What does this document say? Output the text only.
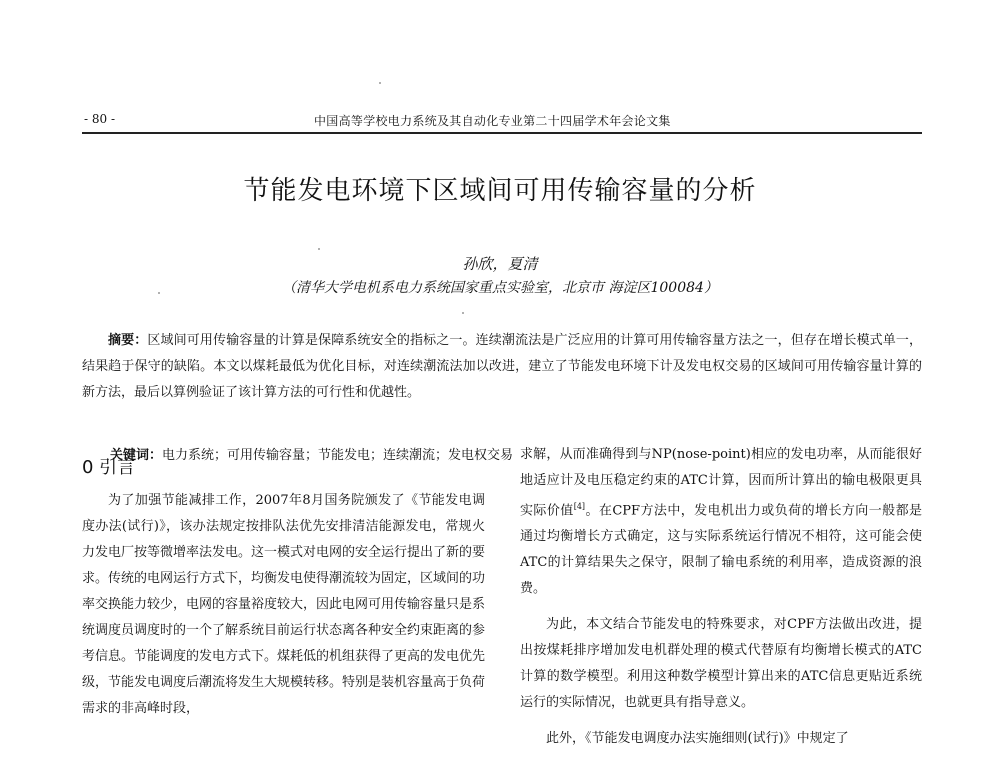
- 80 -	中国高等学校电力系统及其自动化专业第二十四届学术年会论文集
节能发电环境下区域间可用传输容量的分析
孙欣，夏清
（清华大学电机系电力系统国家重点实验室，北京市 海淀区100084）

摘要：区域间可用传输容量的计算是保障系统安全的指标之一。连续潮流法是广泛应用的计算可用传输容量方法之一，但存在增长模式单一，结果趋于保守的缺陷。本文以煤耗最低为优化目标，对连续潮流法加以改进，建立了节能发电环境下计及发电权交易的区域间可用传输容量计算的新方法，最后以算例验证了该计算方法的可行性和优越性。

关键词：电力系统；可用传输容量；节能发电；连续潮流；发电权交易
0 引言

为了加强节能减排工作，2007年8月国务院颁发了《节能发电调度办法(试行)》，该办法规定按排队法优先安排清洁能源发电，常规火力发电厂按等微增率法发电。这一模式对电网的安全运行提出了新的要求。传统的电网运行方式下，均衡发电使得潮流较为固定，区域间的功率交换能力较少，电网的容量裕度较大，因此电网可用传输容量只是系统调度员调度时的一个了解系统目前运行状态离各种安全约束距离的参考信息。节能调度的发电方式下。煤耗低的机组获得了更高的发电优先级，节能发电调度后潮流将发生大规模转移。特别是装机容量高于负荷需求的非高峰时段，

求解，从而准确得到与NP(nose-point)相应的发电功率，从而能很好地适应计及电压稳定约束的ATC计算，因而所计算出的输电极限更具实际价值[4]。在CPF方法中，发电机出力或负荷的增长方向一般都是通过均衡增长方式确定，这与实际系统运行情况不相符，这可能会使ATC的计算结果失之保守，限制了输电系统的利用率，造成资源的浪费。

为此，本文结合节能发电的特殊要求，对CPF方法做出改进，提出按煤耗排序增加发电机群处理的模式代替原有均衡增长模式的ATC计算的数学模型。利用这种数学模型计算出来的ATC信息更贴近系统运行的实际情况，也就更具有指导意义。

此外，《节能发电调度办法实施细则(试行)》中规定了
